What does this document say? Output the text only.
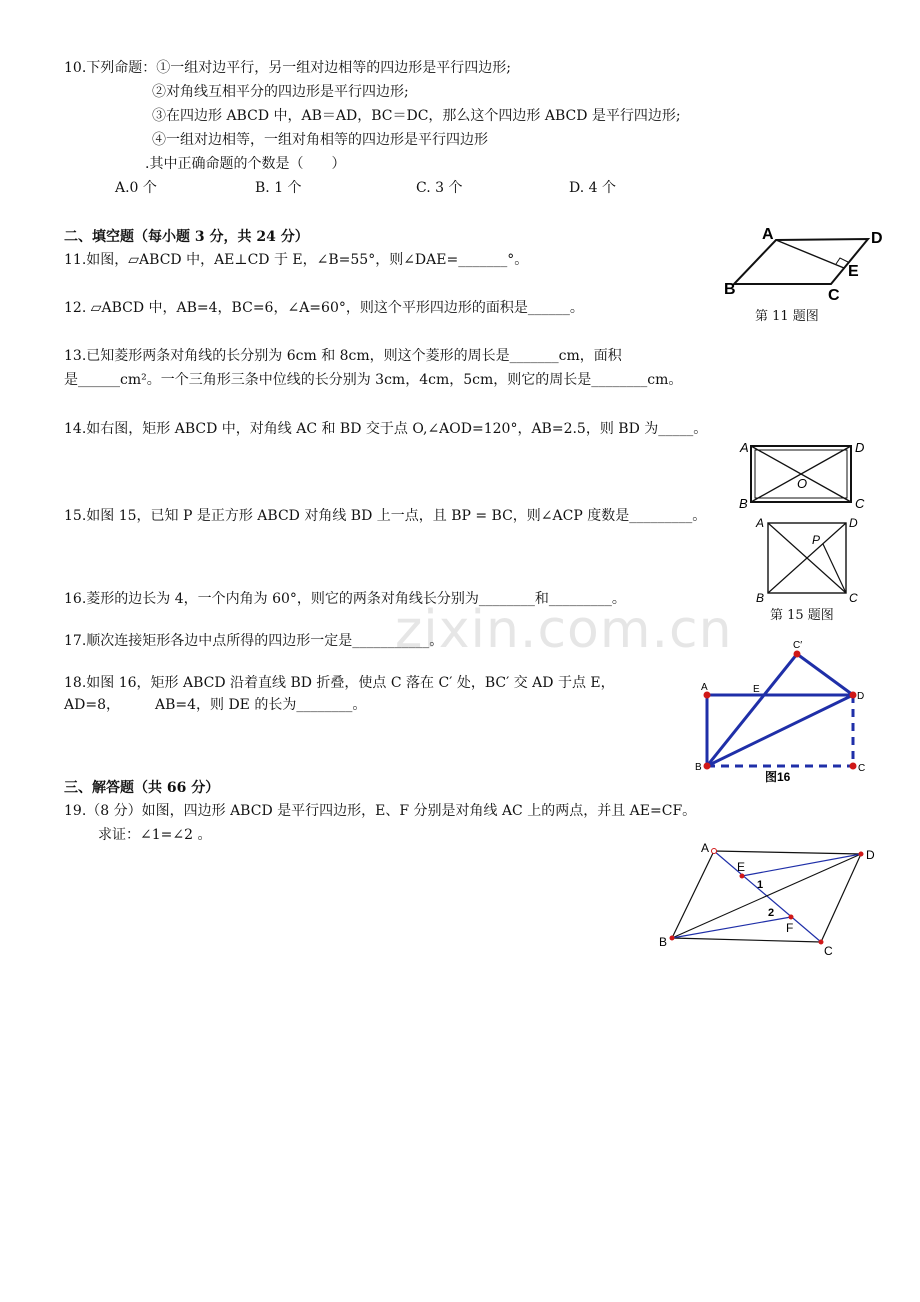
zixin.com.cn
10.下列命题：①一组对边平行，另一组对边相等的四边形是平行四边形;
②对角线互相平分的四边形是平行四边形;
③在四边形 ABCD 中，AB＝AD，BC＝DC，那么这个四边形 ABCD 是平行四边形;
④一组对边相等，一组对角相等的四边形是平行四边形
.其中正确命题的个数是（　　）
A.0 个	B. 1 个	C. 3 个	D. 4 个
二、填空题（每小题 3 分，共 24 分）
11.如图，▱ABCD 中，AE⊥CD 于 E，∠B=55°，则∠DAE=_______°。
A	D
E
B	C
第 11 题图
12. ▱ABCD 中，AB=4，BC=6，∠A=60°，则这个平形四边形的面积是______。
13.已知菱形两条对角线的长分别为 6cm 和 8cm，则这个菱形的周长是_______cm，面积
是______cm²。一个三角形三条中位线的长分别为 3cm，4cm，5cm，则它的周长是________cm。
14.如右图，矩形 ABCD 中，对角线 AC 和 BD 交于点 O,∠AOD=120°，AB=2.5，则 BD 为_____。
A	D
B	C
O
15.如图 15，已知 P 是正方形 ABCD 对角线 BD 上一点，且 BP = BC，则∠ACP 度数是_________。	A	D
B	C
P
第 15 题图
16.菱形的边长为 4，一个内角为 60°，则它的两条对角线长分别为________和_________。
17.顺次连接矩形各边中点所得的四边形一定是___________。
18.如图 16，矩形 ABCD 沿着直线 BD 折叠，使点 C 落在 C′ 处，BC′ 交 AD 于点 E，
AD=8，　　　AB=4，则 DE 的长为________。
A	E
D
C′
B	C
图16
三、解答题（共 66 分）
19.（8 分）如图，四边形 ABCD 是平行四边形，E、F 分别是对角线 AC 上的两点，并且 AE=CF。
求证：∠1=∠2 。
A	D
C
B
E
F
1
2
